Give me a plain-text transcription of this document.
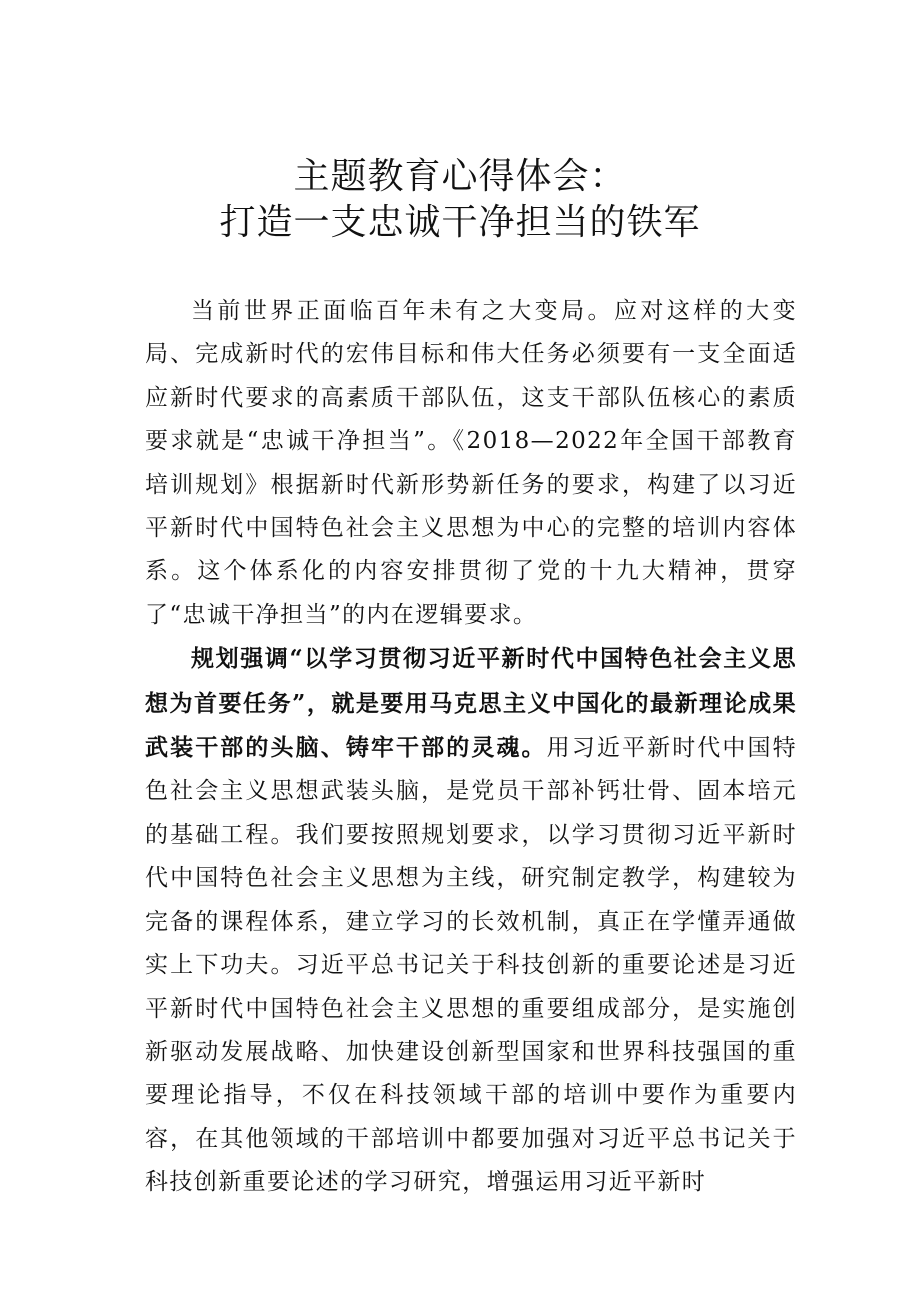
主题教育心得体会：
打造一支忠诚干净担当的铁军

当前世界正面临百年未有之大变局。应对这样的大变局、完成新时代的宏伟目标和伟大任务必须要有一支全面适应新时代要求的高素质干部队伍，这支干部队伍核心的素质要求就是“忠诚干净担当”。《2018—2022年全国干部教育培训规划》根据新时代新形势新任务的要求，构建了以习近平新时代中国特色社会主义思想为中心的完整的培训内容体系。这个体系化的内容安排贯彻了党的十九大精神，贯穿了“忠诚干净担当”的内在逻辑要求。

规划强调“以学习贯彻习近平新时代中国特色社会主义思想为首要任务”，就是要用马克思主义中国化的最新理论成果武装干部的头脑、铸牢干部的灵魂。用习近平新时代中国特色社会主义思想武装头脑，是党员干部补钙壮骨、固本培元的基础工程。我们要按照规划要求，以学习贯彻习近平新时代中国特色社会主义思想为主线，研究制定教学，构建较为完备的课程体系，建立学习的长效机制，真正在学懂弄通做实上下功夫。习近平总书记关于科技创新的重要论述是习近平新时代中国特色社会主义思想的重要组成部分，是实施创新驱动发展战略、加快建设创新型国家和世界科技强国的重要理论指导，不仅在科技领域干部的培训中要作为重要内容，在其他领域的干部培训中都要加强对习近平总书记关于科技创新重要论述的学习研究，增强运用习近平新时
